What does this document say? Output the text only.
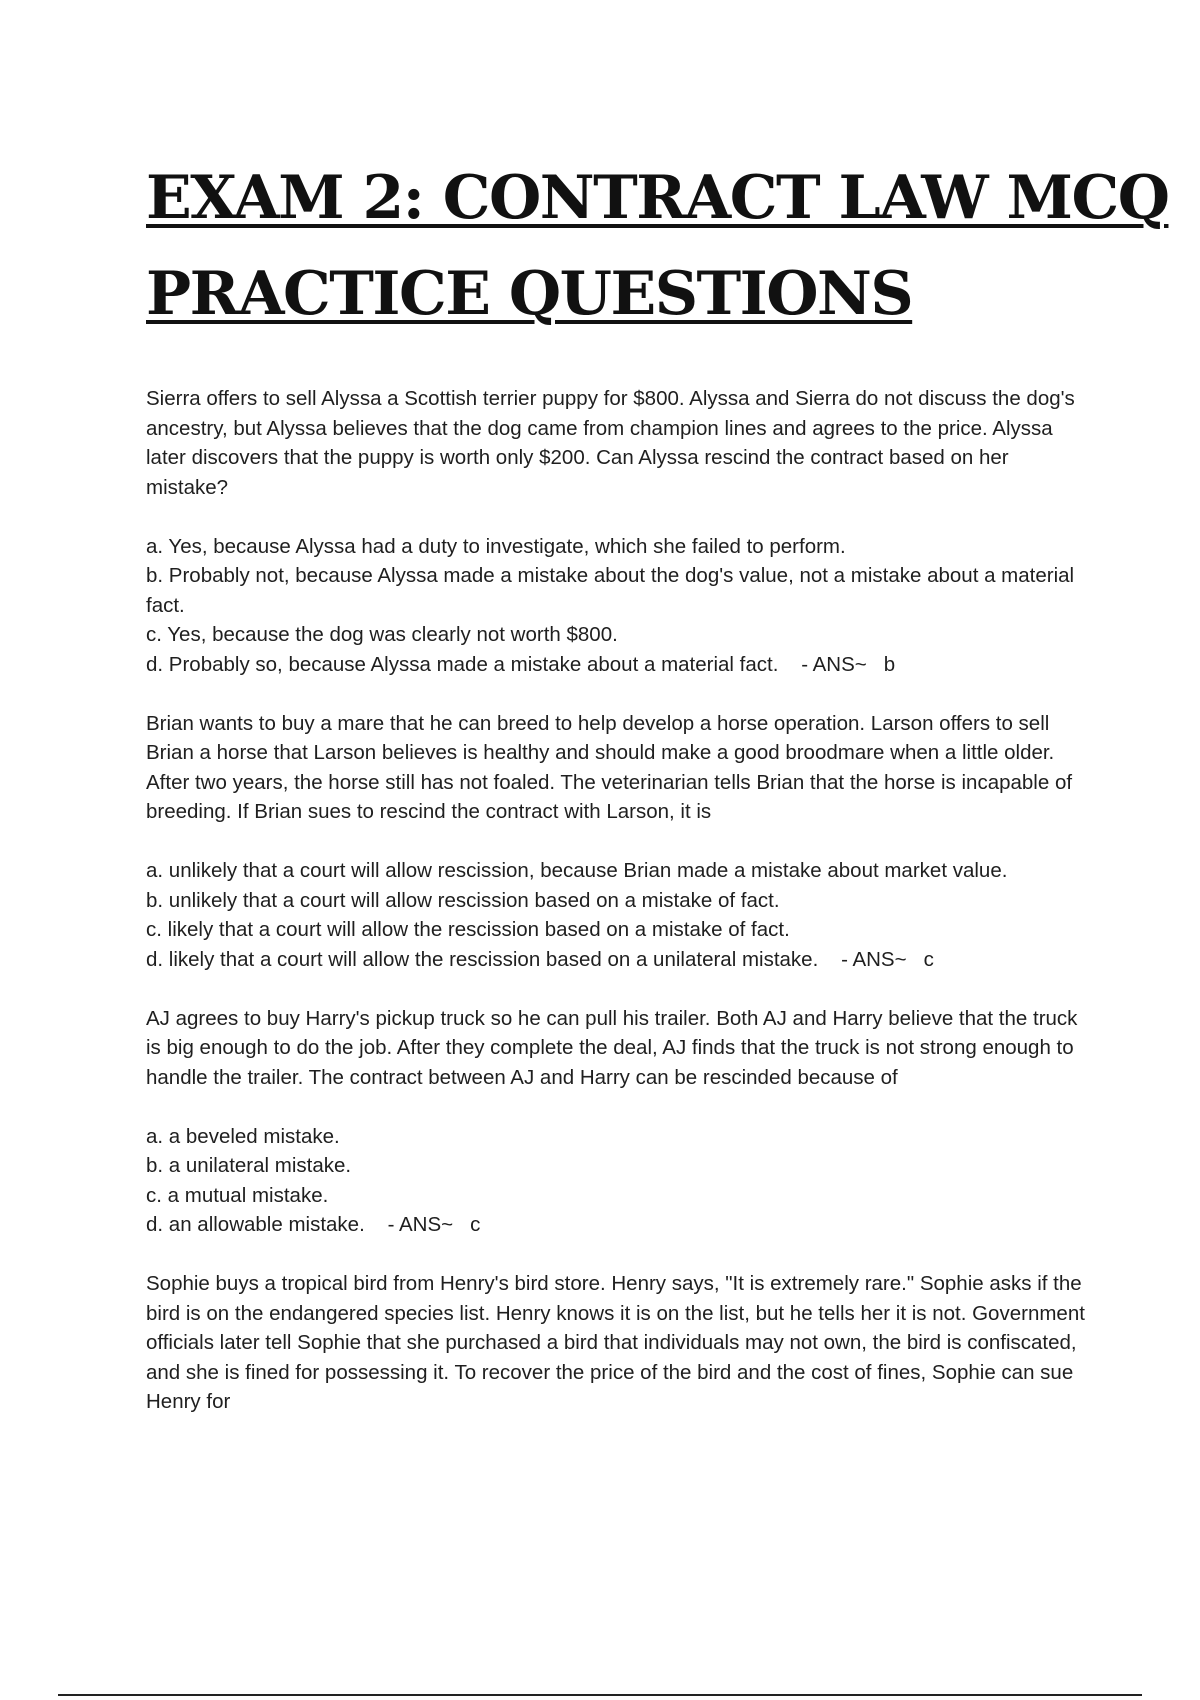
EXAM 2: CONTRACT LAW MCQ
PRACTICE QUESTIONS

Sierra offers to sell Alyssa a Scottish terrier puppy for $800. Alyssa and Sierra do not discuss the dog's ancestry, but Alyssa believes that the dog came from champion lines and agrees to the price. Alyssa later discovers that the puppy is worth only $200. Can Alyssa rescind the contract based on her mistake?

a. Yes, because Alyssa had a duty to investigate, which she failed to perform.
b. Probably not, because Alyssa made a mistake about the dog's value, not a mistake about a material fact.
c. Yes, because the dog was clearly not worth $800.
d. Probably so, because Alyssa made a mistake about a material fact.    - ANS~   b

Brian wants to buy a mare that he can breed to help develop a horse operation. Larson offers to sell Brian a horse that Larson believes is healthy and should make a good broodmare when a little older. After two years, the horse still has not foaled. The veterinarian tells Brian that the horse is incapable of breeding. If Brian sues to rescind the contract with Larson, it is

a. unlikely that a court will allow rescission, because Brian made a mistake about market value.
b. unlikely that a court will allow rescission based on a mistake of fact.
c. likely that a court will allow the rescission based on a mistake of fact.
d. likely that a court will allow the rescission based on a unilateral mistake.    - ANS~   c

AJ agrees to buy Harry's pickup truck so he can pull his trailer. Both AJ and Harry believe that the truck is big enough to do the job. After they complete the deal, AJ finds that the truck is not strong enough to handle the trailer. The contract between AJ and Harry can be rescinded because of

a. a beveled mistake.
b. a unilateral mistake.
c. a mutual mistake.
d. an allowable mistake.    - ANS~   c

Sophie buys a tropical bird from Henry's bird store. Henry says, "It is extremely rare." Sophie asks if the bird is on the endangered species list. Henry knows it is on the list, but he tells her it is not. Government officials later tell Sophie that she purchased a bird that individuals may not own, the bird is confiscated, and she is fined for possessing it. To recover the price of the bird and the cost of fines, Sophie can sue Henry for
